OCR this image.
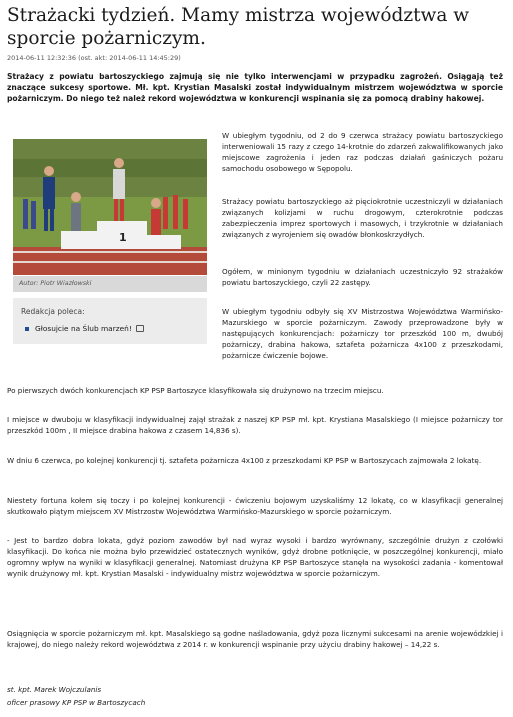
Strażacki tydzień. Mamy mistrza województwa w sporcie pożarniczym.
2014-06-11 12:32:36 (ost. akt: 2014-06-11 14:45:29)

Strażacy z powiatu bartoszyckiego zajmują się nie tylko interwencjami w przypadku zagrożeń. Osiągają też znaczące sukcesy sportowe. Mł. kpt. Krystian Masalski został indywidualnym mistrzem województwa w sporcie pożarniczym. Do niego też należ rekord województwa w konkurencji wspinania się za pomocą drabiny hakowej.

1
Autor: Piotr Wiazłowski
Redakcja poleca:
Głosujcie na Ślub marzeń!

W ubiegłym tygodniu, od 2 do 9 czerwca strażacy powiatu bartoszyckiego interweniowali 15 razy z czego 14-krotnie do zdarzeń zakwalifikowanych jako miejscowe zagrożenia i jeden raz podczas działań gaśniczych pożaru samochodu osobowego w Sępopolu.

Strażacy powiatu bartoszyckiego aż pięciokrotnie uczestniczyli w działaniach związanych kolizjami w ruchu drogowym, czterokrotnie podczas zabezpieczenia imprez sportowych i masowych, i trzykrotnie w działaniach związanych z wyrojeniem się owadów błonkoskrzydłych.

Ogółem, w minionym tygodniu w działaniach uczestniczyło 92 strażaków powiatu bartoszyckiego, czyli 22 zastępy.

W ubiegłym tygodniu odbyły się XV Mistrzostwa Województwa Warmińsko-Mazurskiego w sporcie pożarniczym. Zawody przeprowadzone były w następujących konkurencjach: pożarniczy tor przeszkód 100 m, dwubój pożarniczy, drabina hakowa, sztafeta pożarnicza 4x100 z przeszkodami, pożarnicze ćwiczenie bojowe.

Po pierwszych dwóch konkurencjach KP PSP Bartoszyce klasyfikowała się drużynowo na trzecim miejscu.

I miejsce w dwuboju w klasyfikacji indywidualnej zajął strażak z naszej KP PSP mł. kpt. Krystiana Masalskiego (I miejsce pożarniczy tor przeszkód 100m , II miejsce drabina hakowa z czasem 14,836 s).

W dniu 6 czerwca, po kolejnej konkurencji tj. sztafeta pożarnicza 4x100 z przeszkodami KP PSP w Bartoszycach zajmowała 2 lokatę.

Niestety fortuna kołem się toczy i po kolejnej konkurencji - ćwiczeniu bojowym uzyskaliśmy 12 lokatę, co w klasyfikacji generalnej skutkowało piątym miejscem XV Mistrzostw Województwa Warmińsko-Mazurskiego w sporcie pożarniczym.

- Jest to bardzo dobra lokata, gdyż poziom zawodów był nad wyraz wysoki i bardzo wyrównany, szczególnie drużyn z czołówki klasyfikacji. Do końca nie można było przewidzieć ostatecznych wyników, gdyż drobne potknięcie, w poszczególnej konkurencji, miało ogromny wpływ na wyniki w klasyfikacji generalnej. Natomiast drużyna KP PSP Bartoszyce stanęła na wysokości zadania - komentował wynik drużynowy mł. kpt. Krystian Masalski - indywidualny mistrz województwa w sporcie pożarniczym.

Osiągnięcia w sporcie pożarniczym mł. kpt. Masalskiego są godne naśladowania, gdyż poza licznymi sukcesami na arenie wojewódzkiej i krajowej, do niego należy rekord województwa z 2014 r. w konkurencji wspinanie przy użyciu drabiny hakowej – 14,22 s.

st. kpt. Marek Wojczulanis
oficer prasowy KP PSP w Bartoszycach
